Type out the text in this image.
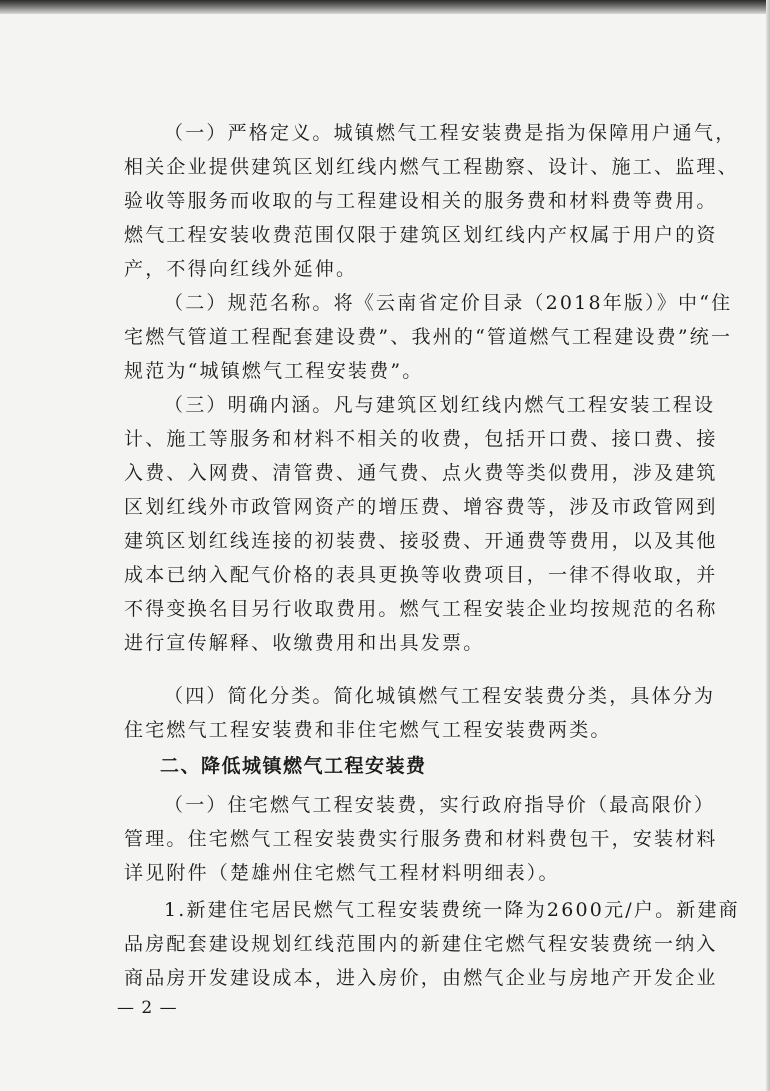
（一）严格定义。城镇燃气工程安装费是指为保障用户通气，
相关企业提供建筑区划红线内燃气工程勘察、设计、施工、监理、
验收等服务而收取的与工程建设相关的服务费和材料费等费用。
燃气工程安装收费范围仅限于建筑区划红线内产权属于用户的资
产，不得向红线外延伸。

（二）规范名称。将《云南省定价目录（2018年版）》中“住
宅燃气管道工程配套建设费”、我州的“管道燃气工程建设费”统一
规范为“城镇燃气工程安装费”。

（三）明确内涵。凡与建筑区划红线内燃气工程安装工程设
计、施工等服务和材料不相关的收费，包括开口费、接口费、接
入费、入网费、清管费、通气费、点火费等类似费用，涉及建筑
区划红线外市政管网资产的增压费、增容费等，涉及市政管网到
建筑区划红线连接的初装费、接驳费、开通费等费用，以及其他
成本已纳入配气价格的表具更换等收费项目，一律不得收取，并
不得变换名目另行收取费用。燃气工程安装企业均按规范的名称
进行宣传解释、收缴费用和出具发票。

（四）简化分类。简化城镇燃气工程安装费分类，具体分为
住宅燃气工程安装费和非住宅燃气工程安装费两类。

二、降低城镇燃气工程安装费

（一）住宅燃气工程安装费，实行政府指导价（最高限价）
管理。住宅燃气工程安装费实行服务费和材料费包干，安装材料
详见附件（楚雄州住宅燃气工程材料明细表）。

1.新建住宅居民燃气工程安装费统一降为2600元/户。新建商
品房配套建设规划红线范围内的新建住宅燃气程安装费统一纳入
商品房开发建设成本，进入房价，由燃气企业与房地产开发企业

— 2 —
